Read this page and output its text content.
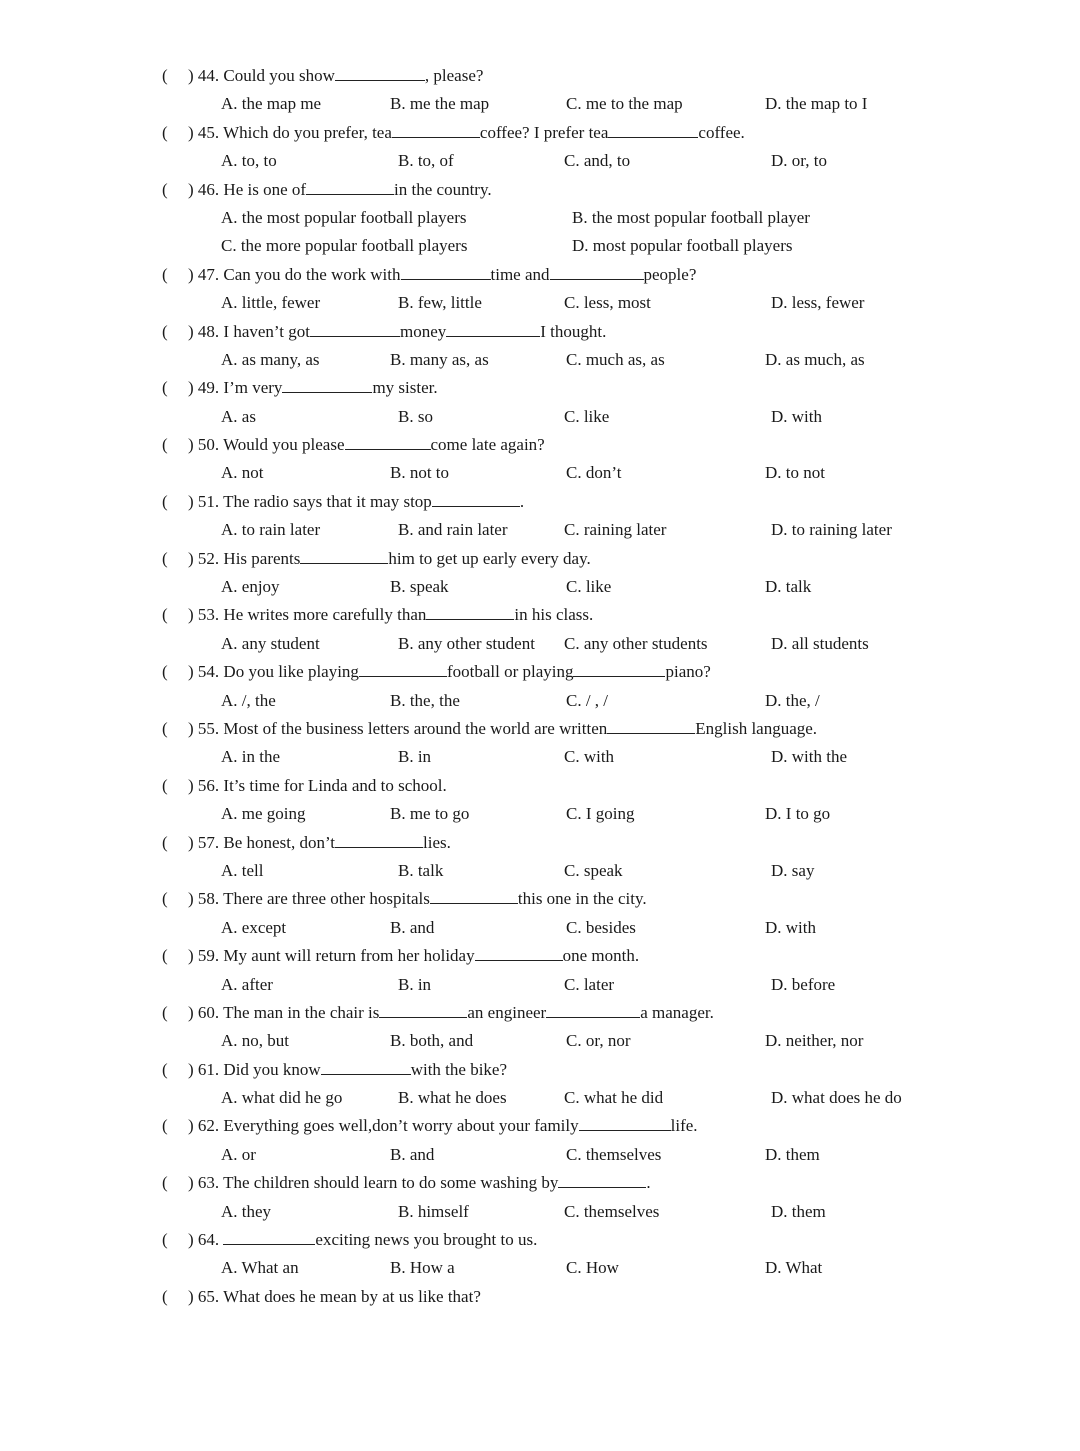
( ) 44. Could you show	, please?
A. the map me	B. me the map	C. me to the map	D. the map to I
( ) 45. Which do you prefer, tea	coffee? I prefer tea	coffee.
A. to, to	B. to, of	C. and, to	D. or, to
( ) 46. He is one of	in the country.
A. the most popular football players	B. the most popular football player
C. the more popular football players	D. most popular football players
( ) 47. Can you do the work with	time and	people?
A. little, fewer	B. few, little	C. less, most	D. less, fewer
( ) 48. I haven’t got	money	I thought.
A. as many, as	B. many as, as	C. much as, as	D. as much, as
( ) 49. I’m very	my sister.
A. as	B. so	C. like	D. with
( ) 50. Would you please	come late again?
A. not	B. not to	C. don’t	D. to not
( ) 51. The radio says that it may stop	.
A. to rain later	B. and rain later	C. raining later	D. to raining later
( ) 52. His parents	him to get up early every day.
A. enjoy	B. speak	C. like	D. talk
( ) 53. He writes more carefully than	in his class.
A. any student	B. any other student C. any other students	D. all students
( ) 54. Do you like playing	football or playing	piano?
A. /, the	B. the, the	C. / , /	D. the, /
( ) 55. Most of the business letters around the world are written	English language.
A. in the	B. in	C. with	D. with the
( ) 56. It’s time for Linda and to school.
A. me going	B. me to go	C. I going	D. I to go
( ) 57. Be honest, don’t	lies.
A. tell	B. talk	C. speak	D. say
( ) 58. There are three other hospitals	this one in the city.
A. except	B. and	C. besides	D. with
( ) 59. My aunt will return from her holiday	one month.
A. after	B. in	C. later	D. before
( ) 60. The man in the chair is	an engineer	a manager.
A. no, but	B. both, and	C. or, nor	D. neither, nor
( ) 61. Did you know	with the bike?
A. what did he go	B. what he does	C. what he did	D. what does he do
( ) 62. Everything goes well,don’t worry about your family	life.
A. or	B. and	C. themselves	D. them
( ) 63. The children should learn to do some washing by	.
A. they	B. himself	C. themselves	D. them
( ) 64.	exciting news you brought to us.
A. What an	B. How a	C. How	D. What
( ) 65. What does he mean by at us like that?
